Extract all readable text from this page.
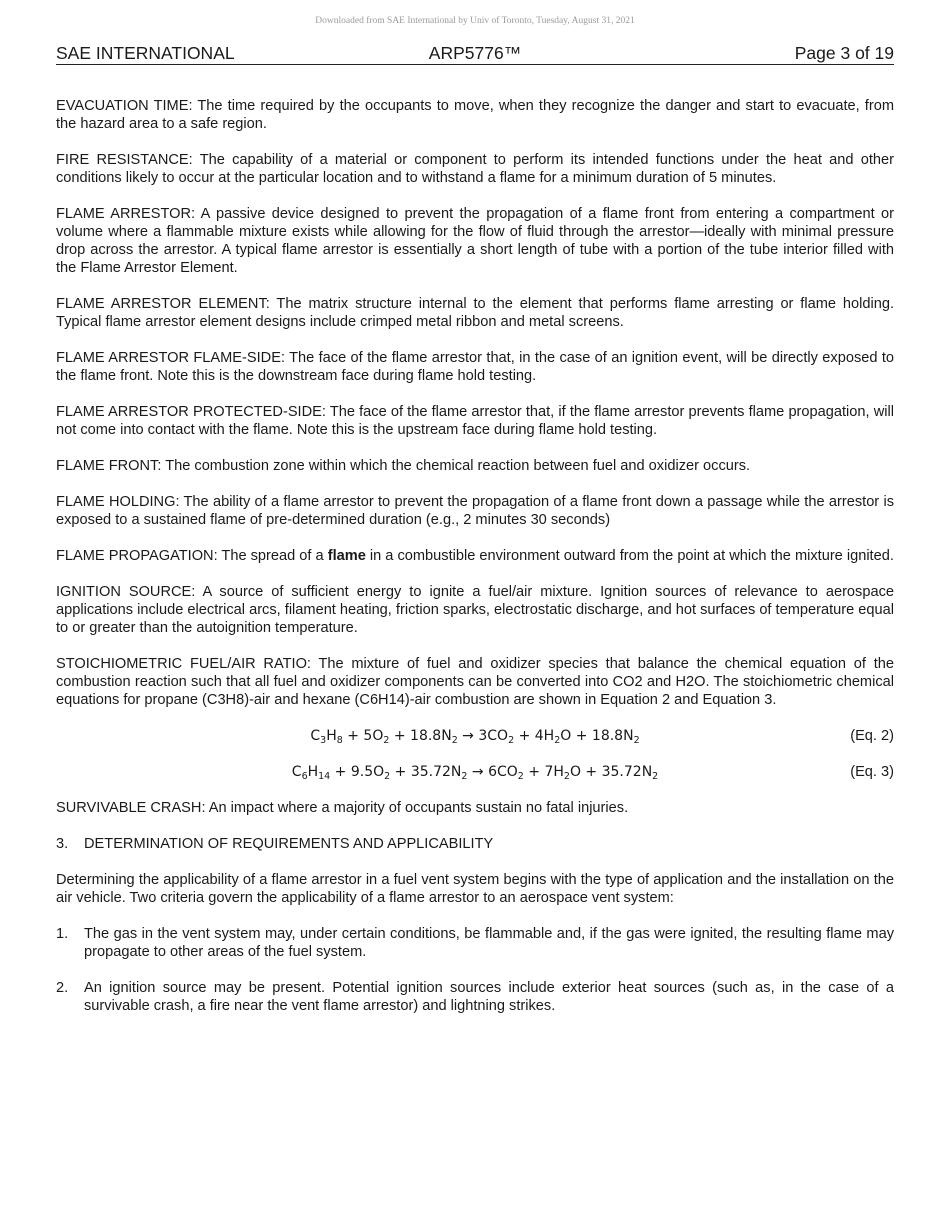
Downloaded from SAE International by Univ of Toronto, Tuesday, August 31, 2021
ARP5776™
SAE INTERNATIONAL	Page 3 of 19

EVACUATION TIME: The time required by the occupants to move, when they recognize the danger and start to evacuate, from the hazard area to a safe region.

FIRE RESISTANCE: The capability of a material or component to perform its intended functions under the heat and other conditions likely to occur at the particular location and to withstand a flame for a minimum duration of 5 minutes.

FLAME ARRESTOR: A passive device designed to prevent the propagation of a flame front from entering a compartment or volume where a flammable mixture exists while allowing for the flow of fluid through the arrestor—ideally with minimal pressure drop across the arrestor. A typical flame arrestor is essentially a short length of tube with a portion of the tube interior filled with the Flame Arrestor Element.

FLAME ARRESTOR ELEMENT: The matrix structure internal to the element that performs flame arresting or flame holding. Typical flame arrestor element designs include crimped metal ribbon and metal screens.

FLAME ARRESTOR FLAME-SIDE: The face of the flame arrestor that, in the case of an ignition event, will be directly exposed to the flame front. Note this is the downstream face during flame hold testing.

FLAME ARRESTOR PROTECTED-SIDE: The face of the flame arrestor that, if the flame arrestor prevents flame propagation, will not come into contact with the flame. Note this is the upstream face during flame hold testing.

FLAME FRONT: The combustion zone within which the chemical reaction between fuel and oxidizer occurs.

FLAME HOLDING: The ability of a flame arrestor to prevent the propagation of a flame front down a passage while the arrestor is exposed to a sustained flame of pre-determined duration (e.g., 2 minutes 30 seconds)

FLAME PROPAGATION: The spread of a flame in a combustible environment outward from the point at which the mixture ignited.

IGNITION SOURCE: A source of sufficient energy to ignite a fuel/air mixture. Ignition sources of relevance to aerospace applications include electrical arcs, filament heating, friction sparks, electrostatic discharge, and hot surfaces of temperature equal to or greater than the autoignition temperature.

STOICHIOMETRIC FUEL/AIR RATIO: The mixture of fuel and oxidizer species that balance the chemical equation of the combustion reaction such that all fuel and oxidizer components can be converted into CO2 and H2O. The stoichiometric chemical equations for propane (C3H8)-air and hexane (C6H14)-air combustion are shown in Equation 2 and Equation 3.

$C_3H_8 + 5O_2 + 18.8N_2 \to 3CO_2 + 4H_2O + 18.8N_2$	(Eq. 2)
$C_6H_{14} + 9.5O_2 + 35.72N_2 \to 6CO_2 + 7H_2O + 35.72N_2$	(Eq. 3)

SURVIVABLE CRASH: An impact where a majority of occupants sustain no fatal injuries.

3.	DETERMINATION OF REQUIREMENTS AND APPLICABILITY

Determining the applicability of a flame arrestor in a fuel vent system begins with the type of application and the installation on the air vehicle. Two criteria govern the applicability of a flame arrestor to an aerospace vent system:

1. The gas in the vent system may, under certain conditions, be flammable and, if the gas were ignited, the resulting flame may propagate to other areas of the fuel system.
2. An ignition source may be present. Potential ignition sources include exterior heat sources (such as, in the case of a survivable crash, a fire near the vent flame arrestor) and lightning strikes.
